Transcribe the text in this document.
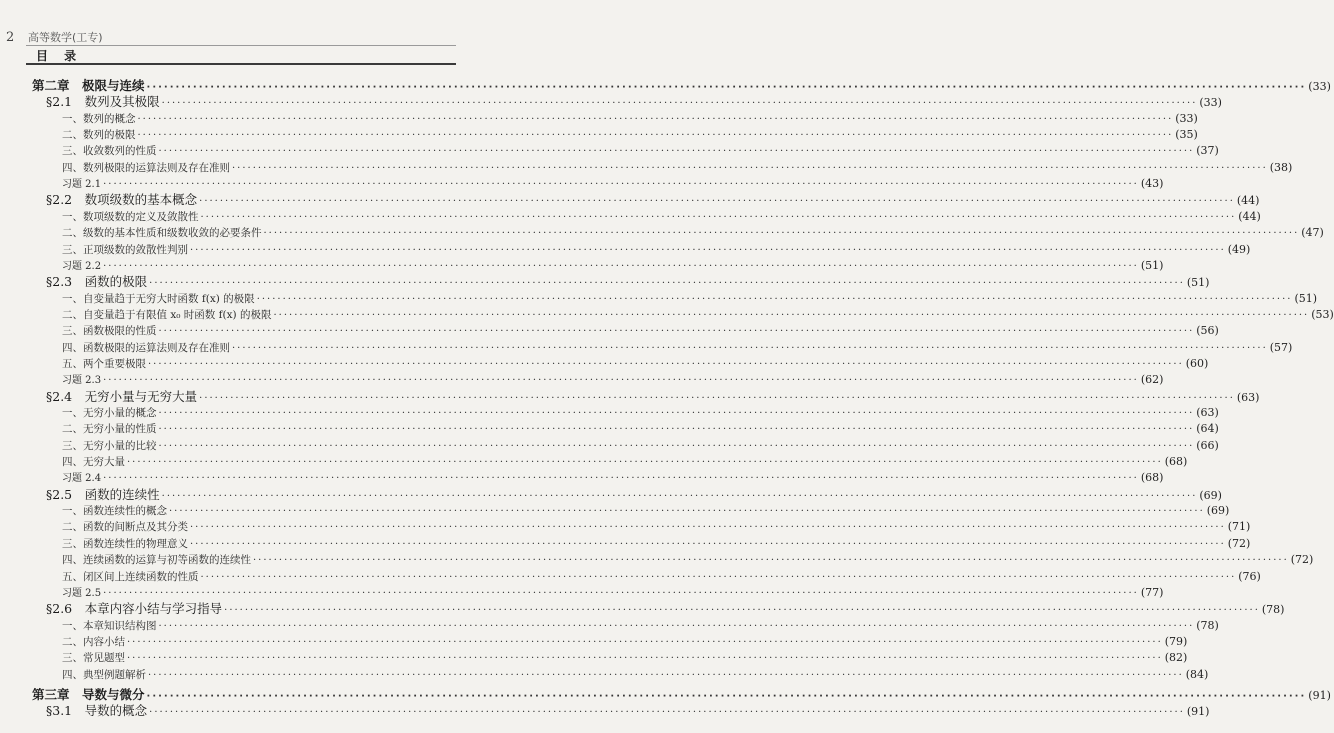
2 高等数学(工专)
目 录
第二章　极限与连续 ········································································································································································································ (33)
§2.1　数列及其极限 ········································································································································································································ (33)
一、数列的概念 ········································································································································································································ (33)
二、数列的极限 ········································································································································································································ (35)
三、收敛数列的性质 ········································································································································································································ (37)
四、数列极限的运算法则及存在准则 ········································································································································································································ (38)
习题 2.1 ········································································································································································································ (43)
§2.2　数项级数的基本概念 ········································································································································································································ (44)
一、数项级数的定义及敛散性 ········································································································································································································ (44)
二、级数的基本性质和级数收敛的必要条件 ········································································································································································································ (47)
三、正项级数的敛散性判别 ········································································································································································································ (49)
习题 2.2 ········································································································································································································ (51)
§2.3　函数的极限 ········································································································································································································ (51)
一、自变量趋于无穷大时函数 f(x) 的极限 ········································································································································································································ (51)
二、自变量趋于有限值 x₀ 时函数 f(x) 的极限 ········································································································································································································ (53)
三、函数极限的性质 ········································································································································································································ (56)
四、函数极限的运算法则及存在准则 ········································································································································································································ (57)
五、两个重要极限 ········································································································································································································ (60)
习题 2.3 ········································································································································································································ (62)
§2.4　无穷小量与无穷大量 ········································································································································································································ (63)
一、无穷小量的概念 ········································································································································································································ (63)
二、无穷小量的性质 ········································································································································································································ (64)
三、无穷小量的比较 ········································································································································································································ (66)
四、无穷大量 ········································································································································································································ (68)
习题 2.4 ········································································································································································································ (68)
§2.5　函数的连续性 ········································································································································································································ (69)
一、函数连续性的概念 ········································································································································································································ (69)
二、函数的间断点及其分类 ········································································································································································································ (71)
三、函数连续性的物理意义 ········································································································································································································ (72)
四、连续函数的运算与初等函数的连续性 ········································································································································································································ (72)
五、闭区间上连续函数的性质 ········································································································································································································ (76)
习题 2.5 ········································································································································································································ (77)
§2.6　本章内容小结与学习指导 ········································································································································································································ (78)
一、本章知识结构图 ········································································································································································································ (78)
二、内容小结 ········································································································································································································ (79)
三、常见题型 ········································································································································································································ (82)
四、典型例题解析 ········································································································································································································ (84)
第三章　导数与微分 ········································································································································································································ (91)
§3.1　导数的概念 ········································································································································································································ (91)
